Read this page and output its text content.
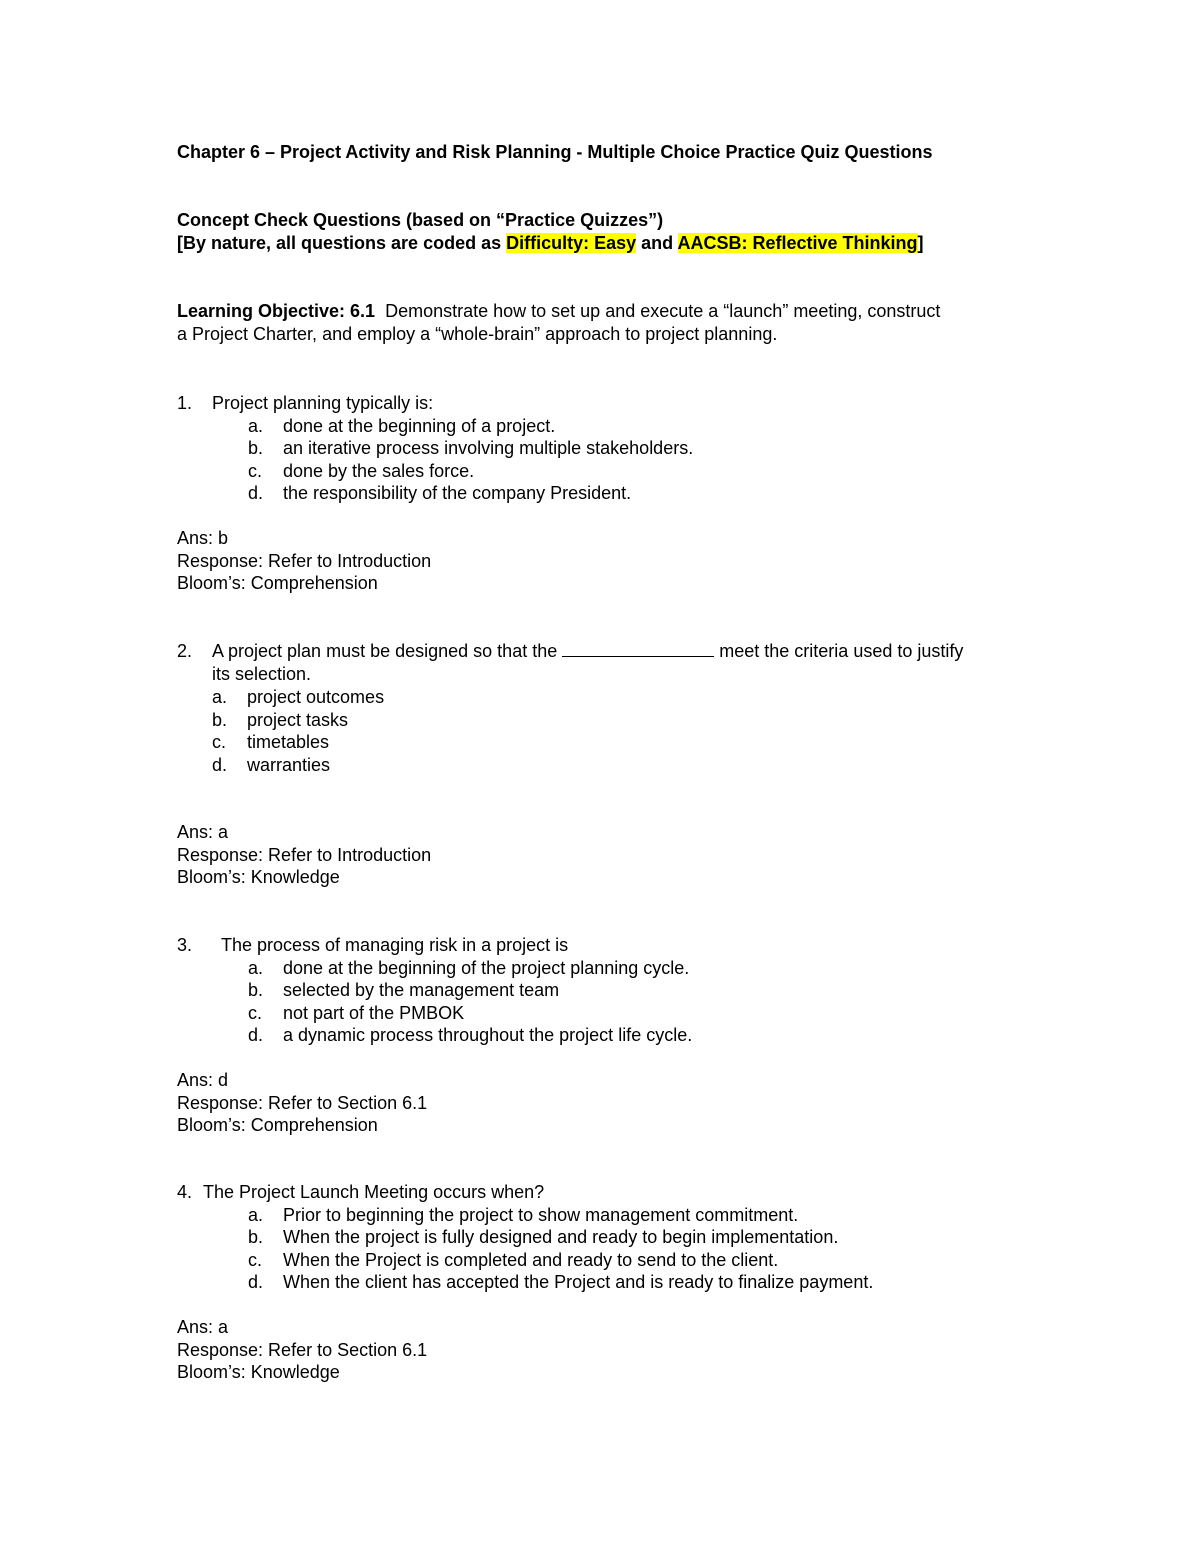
Chapter 6 – Project Activity and Risk Planning - Multiple Choice Practice Quiz Questions
Concept Check Questions (based on “Practice Quizzes”)
[By nature, all questions are coded as Difficulty: Easy and AACSB: Reflective Thinking]
Learning Objective: 6.1 Demonstrate how to set up and execute a “launch” meeting, construct
a Project Charter, and employ a “whole-brain” approach to project planning.
1. Project planning typically is:
a. done at the beginning of a project.
b. an iterative process involving multiple stakeholders.
c. done by the sales force.
d. the responsibility of the company President.
Ans: b
Response: Refer to Introduction
Bloom’s: Comprehension
2. A project plan must be designed so that the	meet the criteria used to justify
its selection.
a. project outcomes
b. project tasks
c. timetables
d. warranties
Ans: a
Response: Refer to Introduction
Bloom’s: Knowledge
3. The process of managing risk in a project is
a. done at the beginning of the project planning cycle.
b. selected by the management team
c. not part of the PMBOK
d. a dynamic process throughout the project life cycle.
Ans: d
Response: Refer to Section 6.1
Bloom’s: Comprehension
4. The Project Launch Meeting occurs when?
a. Prior to beginning the project to show management commitment.
b. When the project is fully designed and ready to begin implementation.
c. When the Project is completed and ready to send to the client.
d. When the client has accepted the Project and is ready to finalize payment.
Ans: a
Response: Refer to Section 6.1
Bloom’s: Knowledge
